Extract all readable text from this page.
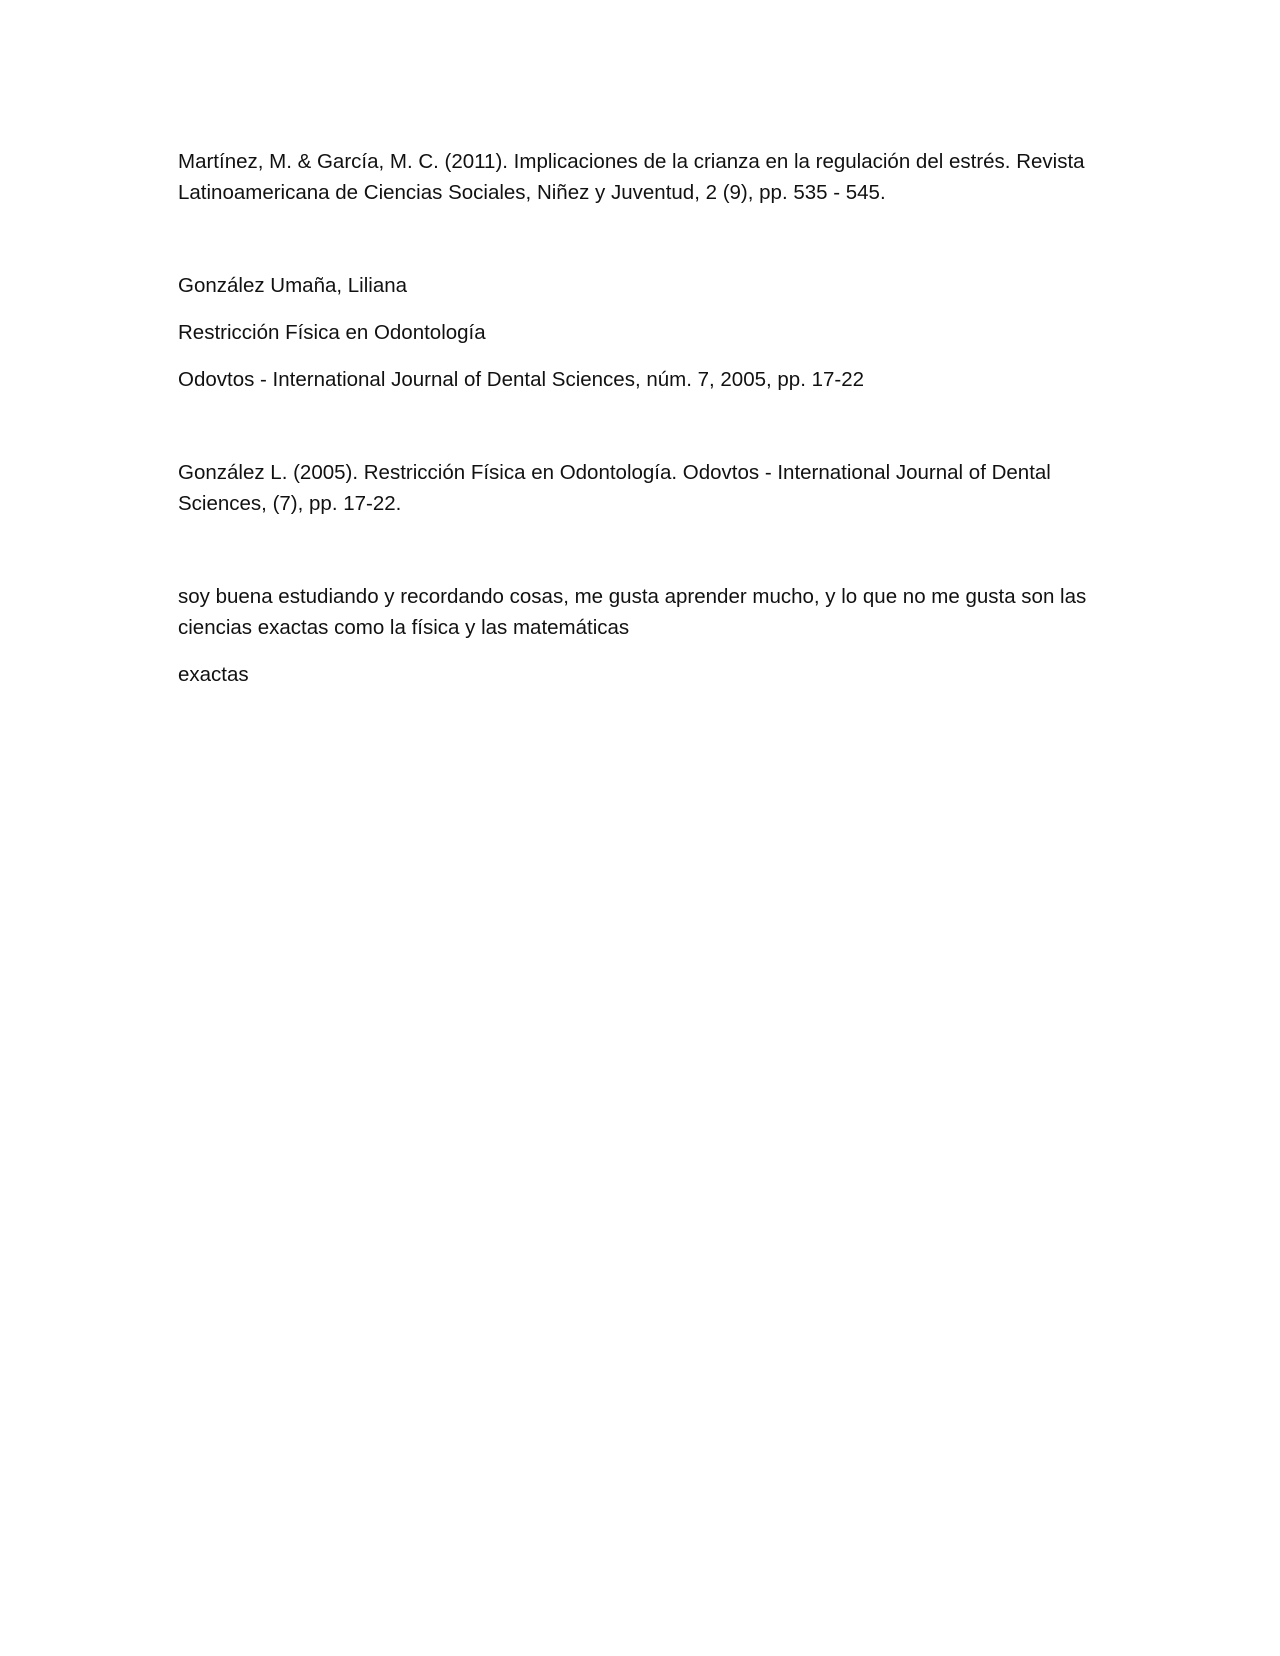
Martínez, M. & García, M. C. (2011). Implicaciones de la crianza en la regulación del estrés. Revista Latinoamericana de Ciencias Sociales, Niñez y Juventud, 2 (9), pp. 535 - 545.

González Umaña, Liliana

Restricción Física en Odontología

Odovtos - International Journal of Dental Sciences, núm. 7, 2005, pp. 17-22

González L. (2005). Restricción Física en Odontología. Odovtos - International Journal of Dental Sciences, (7), pp. 17-22.

soy buena estudiando y recordando cosas, me gusta aprender mucho, y lo que no me gusta son las ciencias exactas como la física y las matemáticas

exactas
